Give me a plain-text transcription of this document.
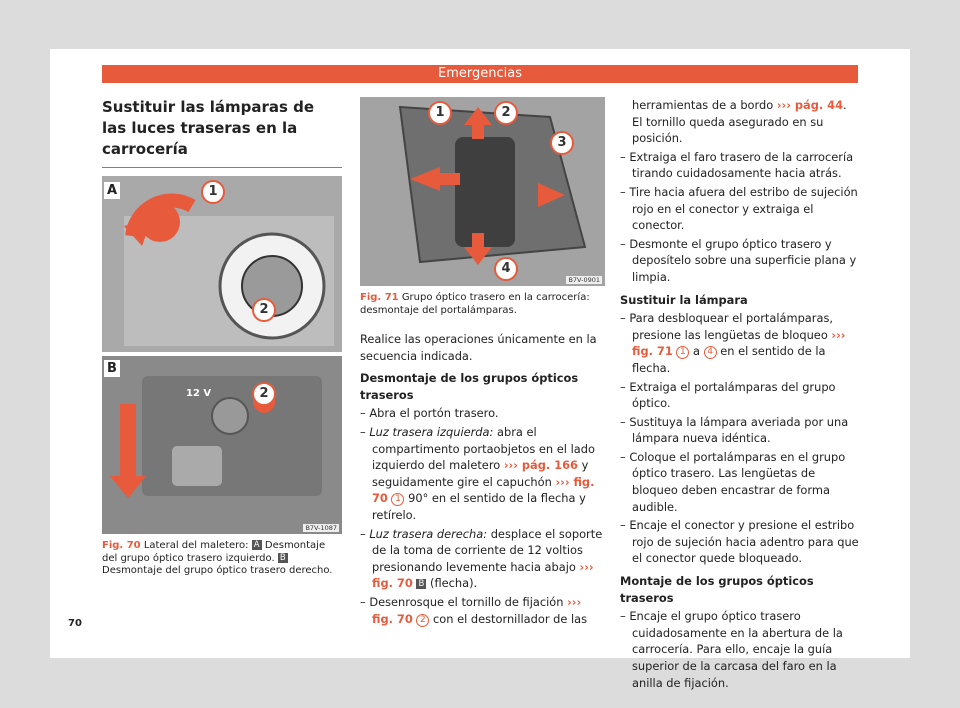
Emergencias
Sustituir las lámparas de las luces traseras en la carrocería
A
B
12 V
1
2
2
B7V-1087
Fig. 70 Lateral del maletero: A Desmontaje del grupo óptico trasero izquierdo. B Desmontaje del grupo óptico trasero derecho.
1	2
3
4
B7V-0901
Fig. 71 Grupo óptico trasero en la carrocería: desmontaje del portalámparas.
Realice las operaciones únicamente en la secuencia indicada.
Desmontaje de los grupos ópticos traseros
– Abra el portón trasero.
– Luz trasera izquierda: abra el compartimento portaobjetos en el lado izquierdo del maletero ››› pág. 166 y seguidamente gire el capuchón ››› fig. 70 1 90° en el sentido de la flecha y retírelo.
– Luz trasera derecha: desplace el soporte de la toma de corriente de 12 voltios presionando levemente hacia abajo ››› fig. 70 B (flecha).
– Desenrosque el tornillo de fijación ››› fig. 70 2 con el destornillador de las
herramientas de a bordo ››› pág. 44. El tornillo queda asegurado en su posición.
– Extraiga el faro trasero de la carrocería tirando cuidadosamente hacia atrás.
– Tire hacia afuera del estribo de sujeción rojo en el conector y extraiga el conector.
– Desmonte el grupo óptico trasero y deposítelo sobre una superficie plana y limpia.
Sustituir la lámpara
– Para desbloquear el portalámparas, presione las lengüetas de bloqueo ››› fig. 71 1 a 4 en el sentido de la flecha.
– Extraiga el portalámparas del grupo óptico.
– Sustituya la lámpara averiada por una lámpara nueva idéntica.
– Coloque el portalámparas en el grupo óptico trasero. Las lengüetas de bloqueo deben encastrar de forma audible.
– Encaje el conector y presione el estribo rojo de sujeción hacia adentro para que el conector quede bloqueado.
Montaje de los grupos ópticos traseros
– Encaje el grupo óptico trasero cuidadosamente en la abertura de la carrocería. Para ello, encaje la guía superior de la carcasa del faro en la anilla de fijación.
70
